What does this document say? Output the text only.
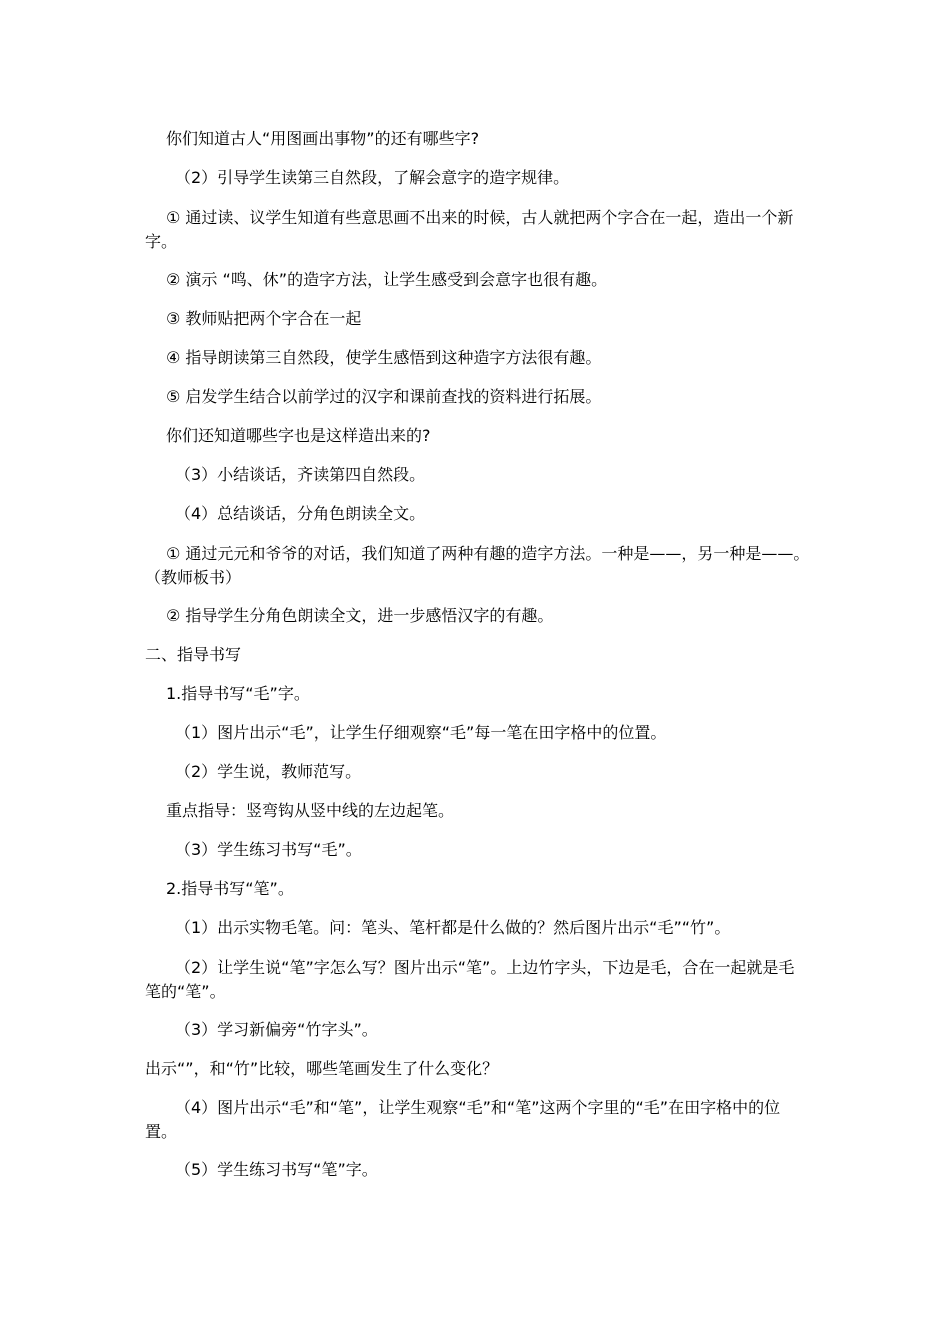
你们知道古人“用图画出事物”的还有哪些字?

（2）引导学生读第三自然段，了解会意字的造字规律。

① 通过读、议学生知道有些意思画不出来的时候，古人就把两个字合在一起，造出一个新字。

② 演示 “鸣、休”的造字方法，让学生感受到会意字也很有趣。

③ 教师贴把两个字合在一起

④ 指导朗读第三自然段，使学生感悟到这种造字方法很有趣。

⑤ 启发学生结合以前学过的汉字和课前查找的资料进行拓展。

你们还知道哪些字也是这样造出来的?

（3）小结谈话，齐读第四自然段。

（4）总结谈话，分角色朗读全文。

① 通过元元和爷爷的对话，我们知道了两种有趣的造字方法。一种是——，另一种是——。（教师板书）

② 指导学生分角色朗读全文，进一步感悟汉字的有趣。

二、指导书写

1.指导书写“毛”字。

（1）图片出示“毛”，让学生仔细观察“毛”每一笔在田字格中的位置。

（2）学生说，教师范写。

重点指导：竖弯钩从竖中线的左边起笔。

（3）学生练习书写“毛”。

2.指导书写“笔”。

（1）出示实物毛笔。问：笔头、笔杆都是什么做的？然后图片出示“毛”“竹”。

（2）让学生说“笔”字怎么写？图片出示“笔”。上边竹字头，下边是毛，合在一起就是毛笔的“笔”。

（3）学习新偏旁“竹字头”。

出示“”，和“竹”比较，哪些笔画发生了什么变化？

（4）图片出示“毛”和“笔”，让学生观察“毛”和“笔”这两个字里的“毛”在田字格中的位置。

（5）学生练习书写“笔”字。
